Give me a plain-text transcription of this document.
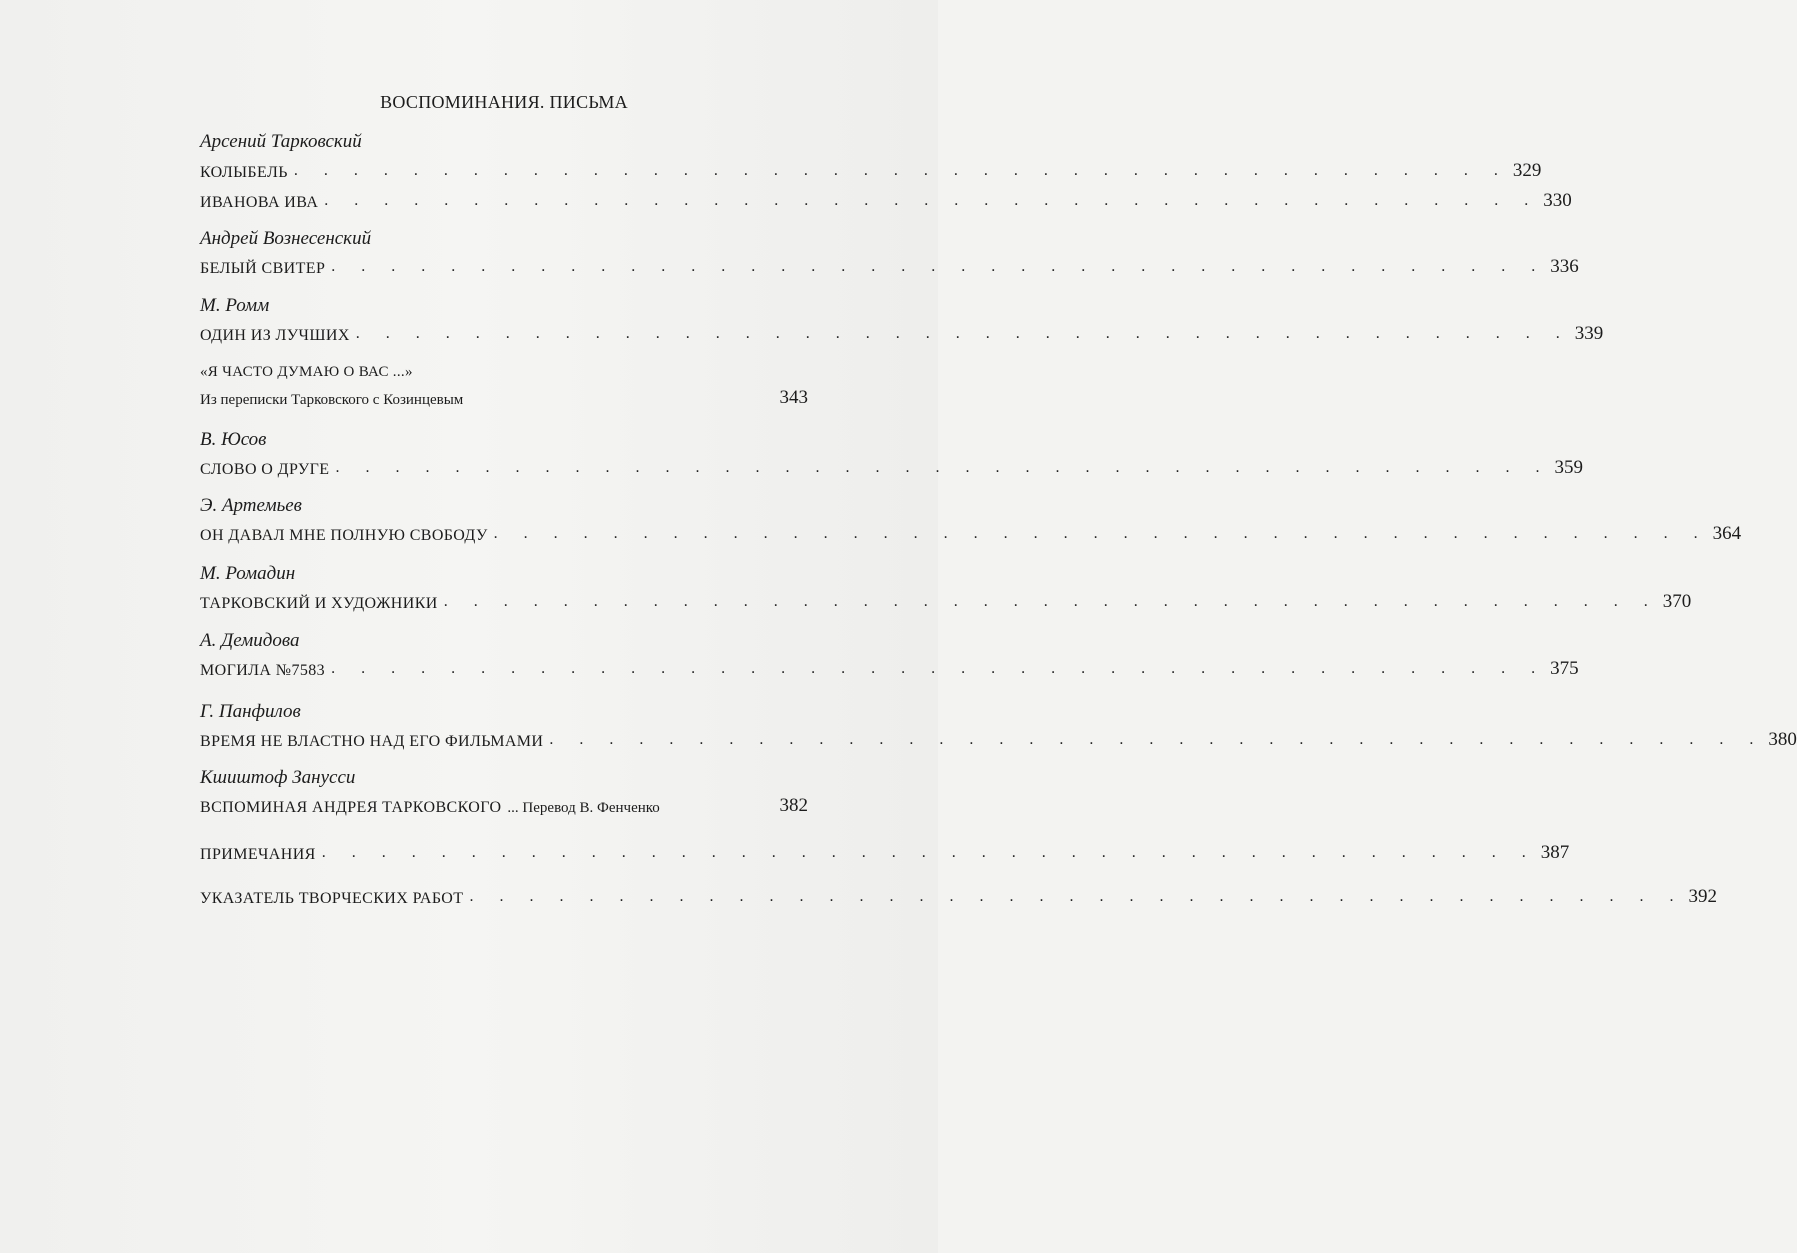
ВОСПОМИНАНИЯ. ПИСЬМА
Арсений Тарковский
КОЛЫБЕЛЬ . . . . . . . . . . . . . . . . . . . . . . . . . . . . . . . . . . . . . . . . . 329
ИВАНОВА ИВА . . . . . . . . . . . . . . . . . . . . . . . . . . . . . . . . . . . . . . . . . 330
Андрей Вознесенский
БЕЛЫЙ СВИТЕР . . . . . . . . . . . . . . . . . . . . . . . . . . . . . . . . . . . . . . . . . 336
М. Ромм
ОДИН ИЗ ЛУЧШИХ . . . . . . . . . . . . . . . . . . . . . . . . . . . . . . . . . . . . . . . . . 339
«Я ЧАСТО ДУМАЮ О ВАС ...»
Из переписки Тарковского с Козинцевым	343
В. Юсов
СЛОВО О ДРУГЕ . . . . . . . . . . . . . . . . . . . . . . . . . . . . . . . . . . . . . . . . . 359
Э. Артемьев
ОН ДАВАЛ МНЕ ПОЛНУЮ СВОБОДУ . . . . . . . . . . . . . . . . . . . . . . . . . . . . . . . . . . . . . . . . . 364
М. Ромадин
ТАРКОВСКИЙ И ХУДОЖНИКИ . . . . . . . . . . . . . . . . . . . . . . . . . . . . . . . . . . . . . . . . . 370
А. Демидова
МОГИЛА №7583 . . . . . . . . . . . . . . . . . . . . . . . . . . . . . . . . . . . . . . . . . 375
Г. Панфилов
ВРЕМЯ НЕ ВЛАСТНО НАД ЕГО ФИЛЬМАМИ . . . . . . . . . . . . . . . . . . . . . . . . . . . . . . . . . . . . . . . . . 380
Кшиштоф Занусси
ВСПОМИНАЯ АНДРЕЯ ТАРКОВСКОГО ... Перевод В. Фенченко	382
ПРИМЕЧАНИЯ . . . . . . . . . . . . . . . . . . . . . . . . . . . . . . . . . . . . . . . . . 387
УКАЗАТЕЛЬ ТВОРЧЕСКИХ РАБОТ . . . . . . . . . . . . . . . . . . . . . . . . . . . . . . . . . . . . . . . . . 392
